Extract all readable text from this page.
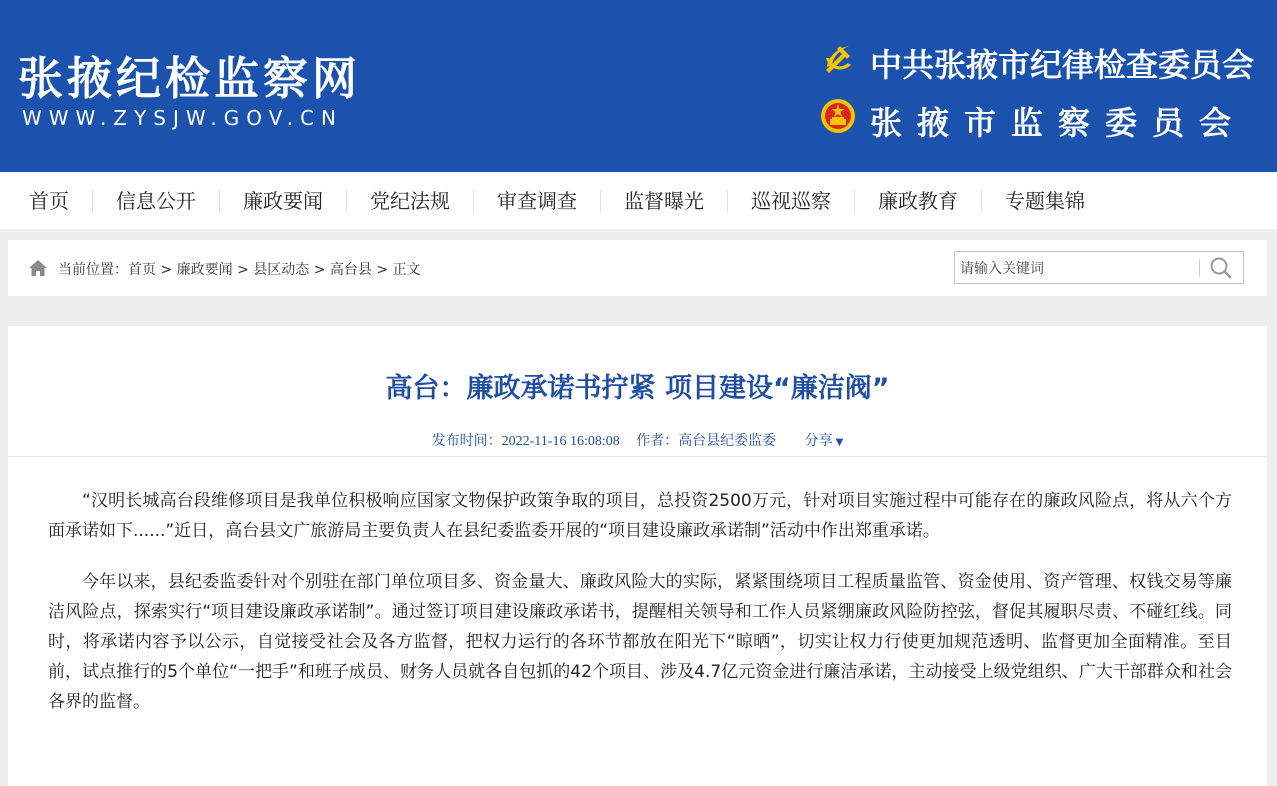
张掖纪检监察网
WWW.ZYSJW.GOV.CN
中共张掖市纪律检查委员会
张掖市监察委员会
首页	信息公开	廉政要闻	党纪法规	审查调查	监督曝光	巡视巡察	廉政教育	专题集锦
当前位置：首页 > 廉政要闻 > 县区动态 > 高台县 > 正文
请输入关键词
高台：廉政承诺书拧紧 项目建设“廉洁阀”
发布时间：2022-11-16 16:08:08 作者：高台县纪委监委 分享 ▼

“汉明长城高台段维修项目是我单位积极响应国家文物保护政策争取的项目，总投资2500万元，针对项目实施过程中可能存在的廉政风险点，将从六个方面承诺如下......”近日，高台县文广旅游局主要负责人在县纪委监委开展的“项目建设廉政承诺制”活动中作出郑重承诺。

今年以来，县纪委监委针对个别驻在部门单位项目多、资金量大、廉政风险大的实际，紧紧围绕项目工程质量监管、资金使用、资产管理、权钱交易等廉洁风险点，探索实行“项目建设廉政承诺制”。通过签订项目建设廉政承诺书，提醒相关领导和工作人员紧绷廉政风险防控弦，督促其履职尽责、不碰红线。同时，将承诺内容予以公示，自觉接受社会及各方监督，把权力运行的各环节都放在阳光下“晾晒”，切实让权力行使更加规范透明、监督更加全面精准。至目前，试点推行的5个单位“一把手”和班子成员、财务人员就各自包抓的42个项目、涉及4.7亿元资金进行廉洁承诺，主动接受上级党组织、广大干部群众和社会各界的监督。
